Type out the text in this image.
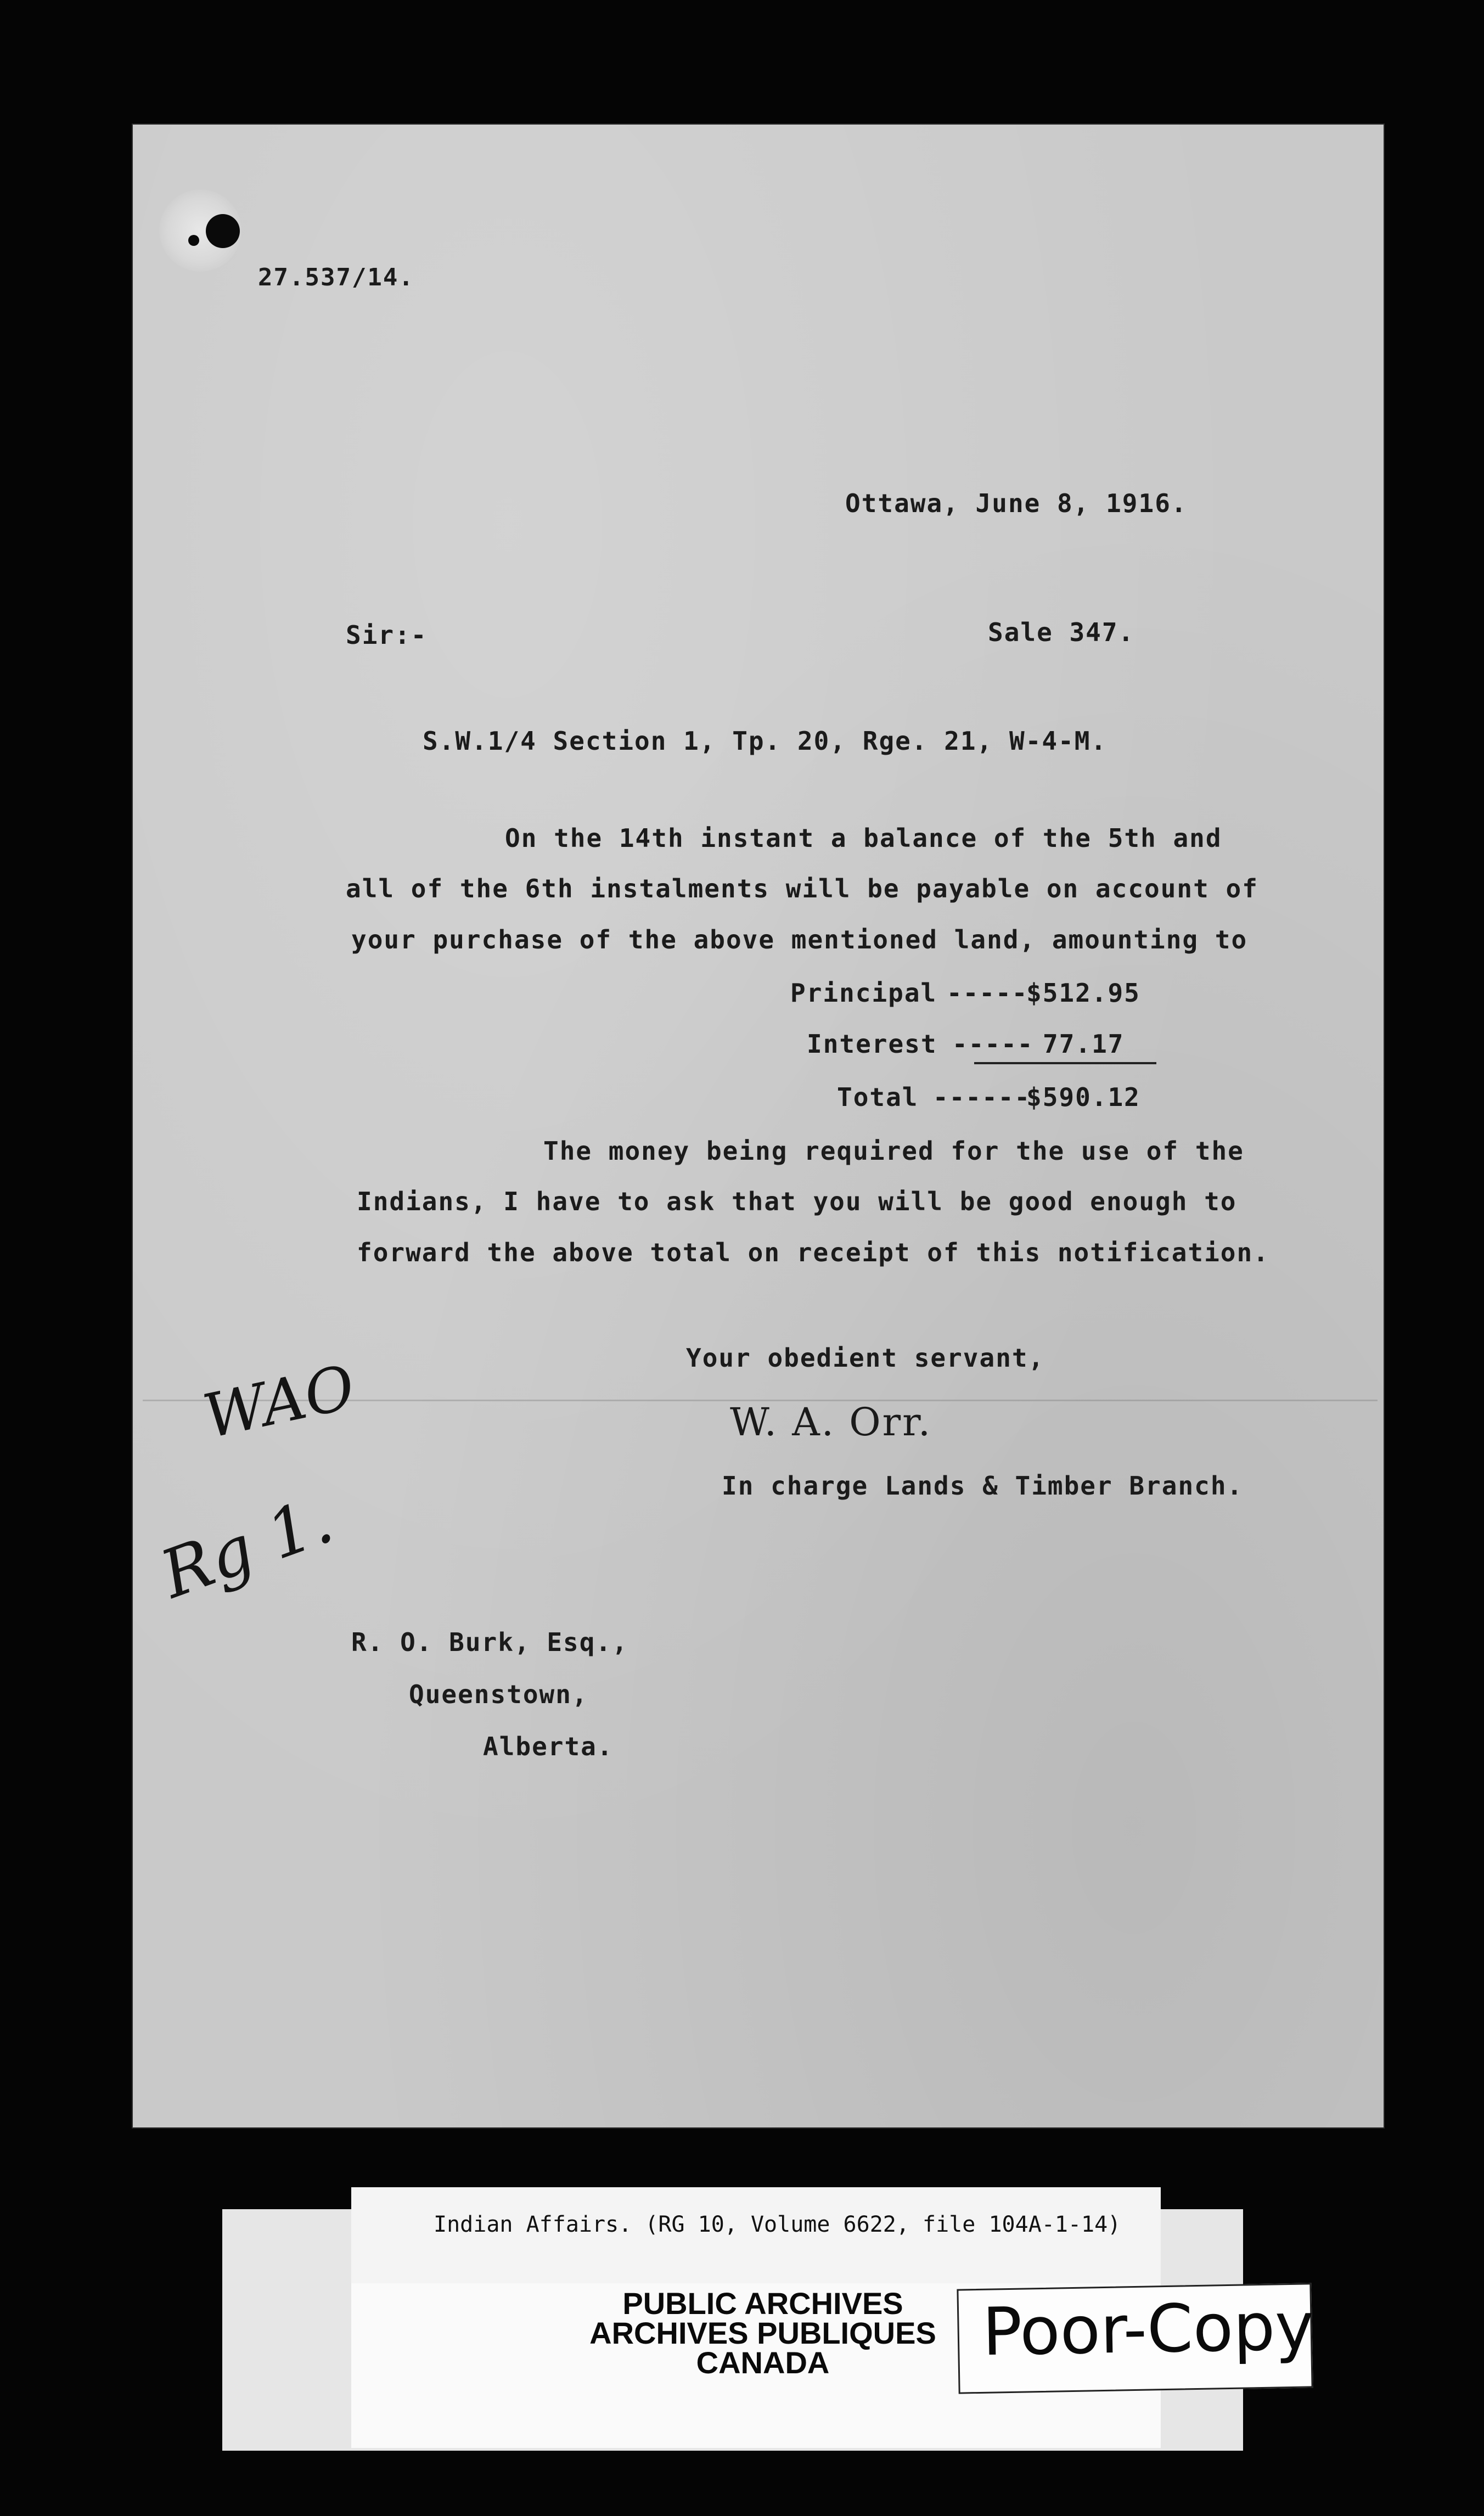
27.537/14.
Ottawa, June 8, 1916.
Sir:-	Sale 347.
S.W.1/4 Section 1, Tp. 20, Rge. 21, W-4-M.
On the 14th instant a balance of the 5th and
all of the 6th instalments will be payable on account of
your purchase of the above mentioned land, amounting to
Principal -----
$512.95
Interest ----- 77.17
Total ------
$590.12
The money being required for the use of the
Indians, I have to ask that you will be good enough to
forward the above total on receipt of this notification.
Your obedient servant,
W. A. Orr.
In charge Lands & Timber Branch.
WAO
Rg 1.
R. O. Burk, Esq.,
Queenstown,
Alberta.
Indian Affairs. (RG 10, Volume 6622, file 104A-1-14)
PUBLIC ARCHIVES
ARCHIVES PUBLIQUES
CANADA	Poor-Copy
